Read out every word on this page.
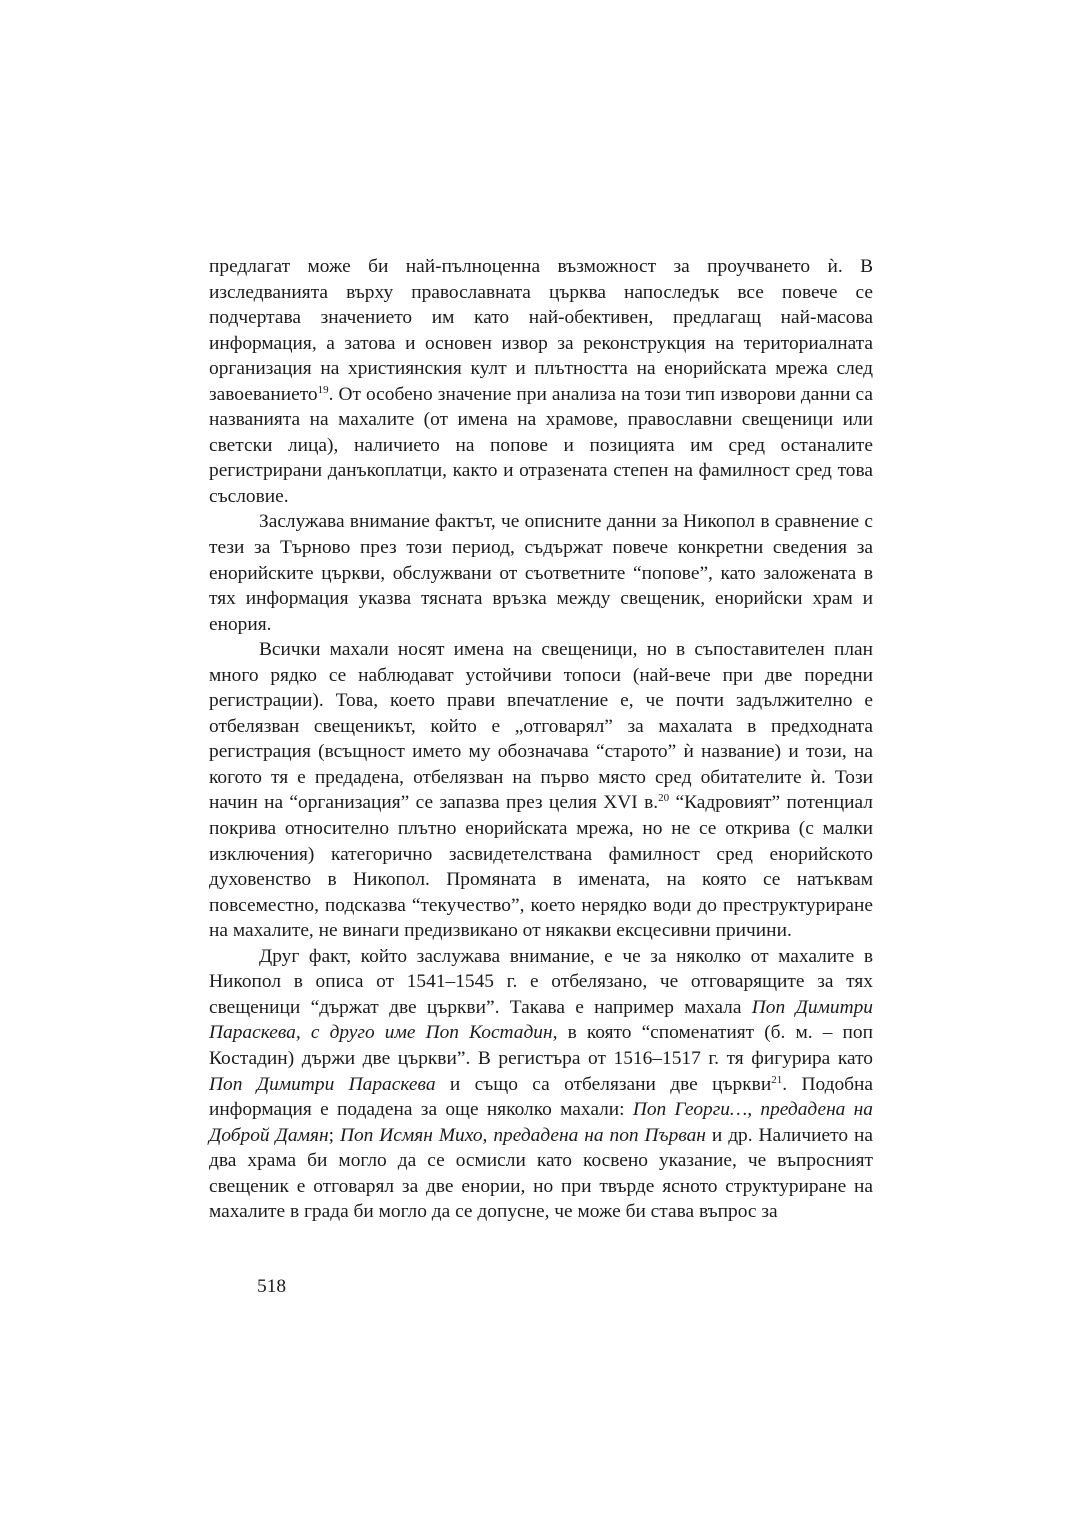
предлагат може би най-пълноценна възможност за проучването ѝ. В изследванията върху православната църква напоследък все повече се подчертава значението им като най-обективен, предлагащ най-масова информация, а затова и основен извор за реконструкция на териториалната организация на християнския култ и плътността на енорийската мрежа след завоеванието$^{19}$. От особено значение при анализа на този тип изворови данни са названията на махалите (от имена на храмове, православни свещеници или светски лица), наличието на попове и позицията им сред останалите регистрирани данъкоплатци, както и отразената степен на фамилност сред това съсловие.

Заслужава внимание фактът, че описните данни за Никопол в сравнение с тези за Търново през този период, съдържат повече конкретни сведения за енорийските църкви, обслужвани от съответните “попове”, като заложената в тях информация указва тясната връзка между свещеник, енорийски храм и енория.

Всички махали носят имена на свещеници, но в съпоставителен план много рядко се наблюдават устойчиви топоси (най-вече при две поредни регистрации). Това, което прави впечатление е, че почти задължително е отбелязван свещеникът, който е „отговарял” за махалата в предходната регистрация (всъщност името му обозначава “старото” ѝ название) и този, на когото тя е предадена, отбелязван на първо място сред обитателите ѝ. Този начин на “организация” се запазва през целия XVI в.$^{20}$ “Кадровият” потенциал покрива относително плътно енорийската мрежа, но не се открива (с малки изключения) категорично засвидетелствана фамилност сред енорийското духовенство в Никопол. Промяната в имената, на която се натъквам повсеместно, подсказва “текучество”, което нерядко води до преструктуриране на махалите, не винаги предизвикано от някакви ексцесивни причини.

Друг факт, който заслужава внимание, е че за няколко от махалите в Никопол в описа от 1541–1545 г. е отбелязано, че отговарящите за тях свещеници “държат две църкви”. Такава е например махала Поп Димитри Параскева, с друго име Поп Костадин, в която “споменатият (б. м. – поп Костадин) държи две църкви”. В регистъра от 1516–1517 г. тя фигурира като Поп Димитри Параскева и също са отбелязани две църкви$^{21}$. Подобна информация е подадена за още няколко махали: Поп Георги…, предадена на Доброй Дамян; Поп Исмян Михо, предадена на поп Първан и др. Наличието на два храма би могло да се осмисли като косвено указание, че въпросният свещеник е отговарял за две енории, но при твърде ясното структуриране на махалите в града би могло да се допусне, че може би става въпрос за

518
